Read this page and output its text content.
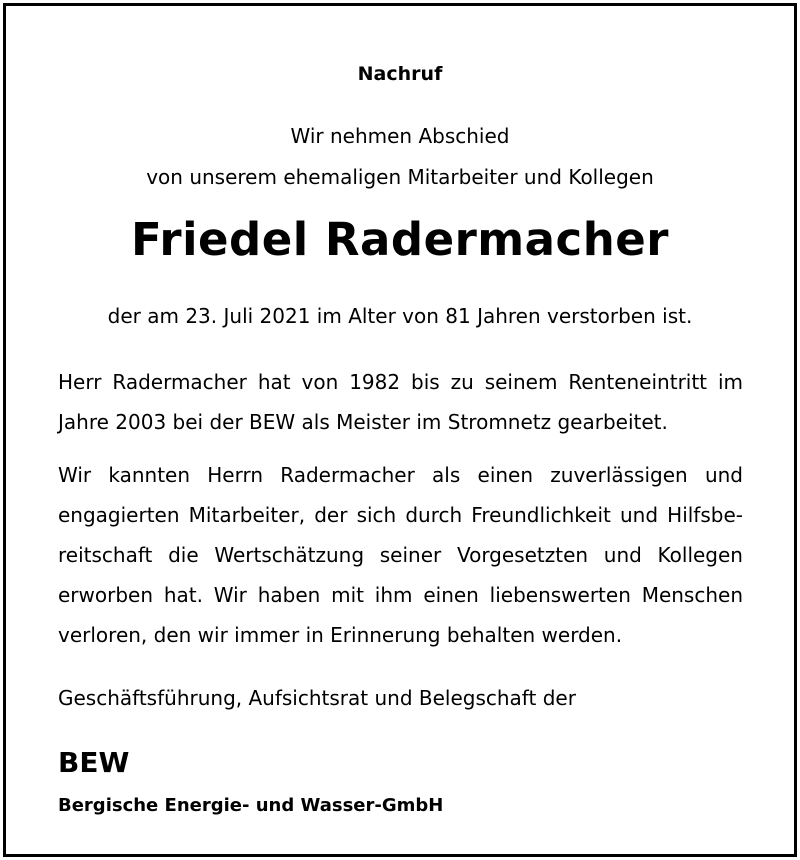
Nachruf
Wir nehmen Abschied
von unserem ehemaligen Mitarbeiter und Kollegen
Friedel Radermacher
der am 23. Juli 2021 im Alter von 81 Jahren verstorben ist.
Herr Radermacher hat von 1982 bis zu seinem Renteneintritt im Jahre 2003 bei der BEW als Meister im Stromnetz gearbeitet.
Wir kannten Herrn Radermacher als einen zuverlässigen und engagierten Mitarbeiter, der sich durch Freundlichkeit und Hilfsbereitschaft die Wertschätzung seiner Vorgesetzten und Kollegen erworben hat. Wir haben mit ihm einen liebenswerten Menschen verloren, den wir immer in Erinnerung behalten werden.
Geschäftsführung, Aufsichtsrat und Belegschaft der
BEW
Bergische Energie- und Wasser-GmbH
